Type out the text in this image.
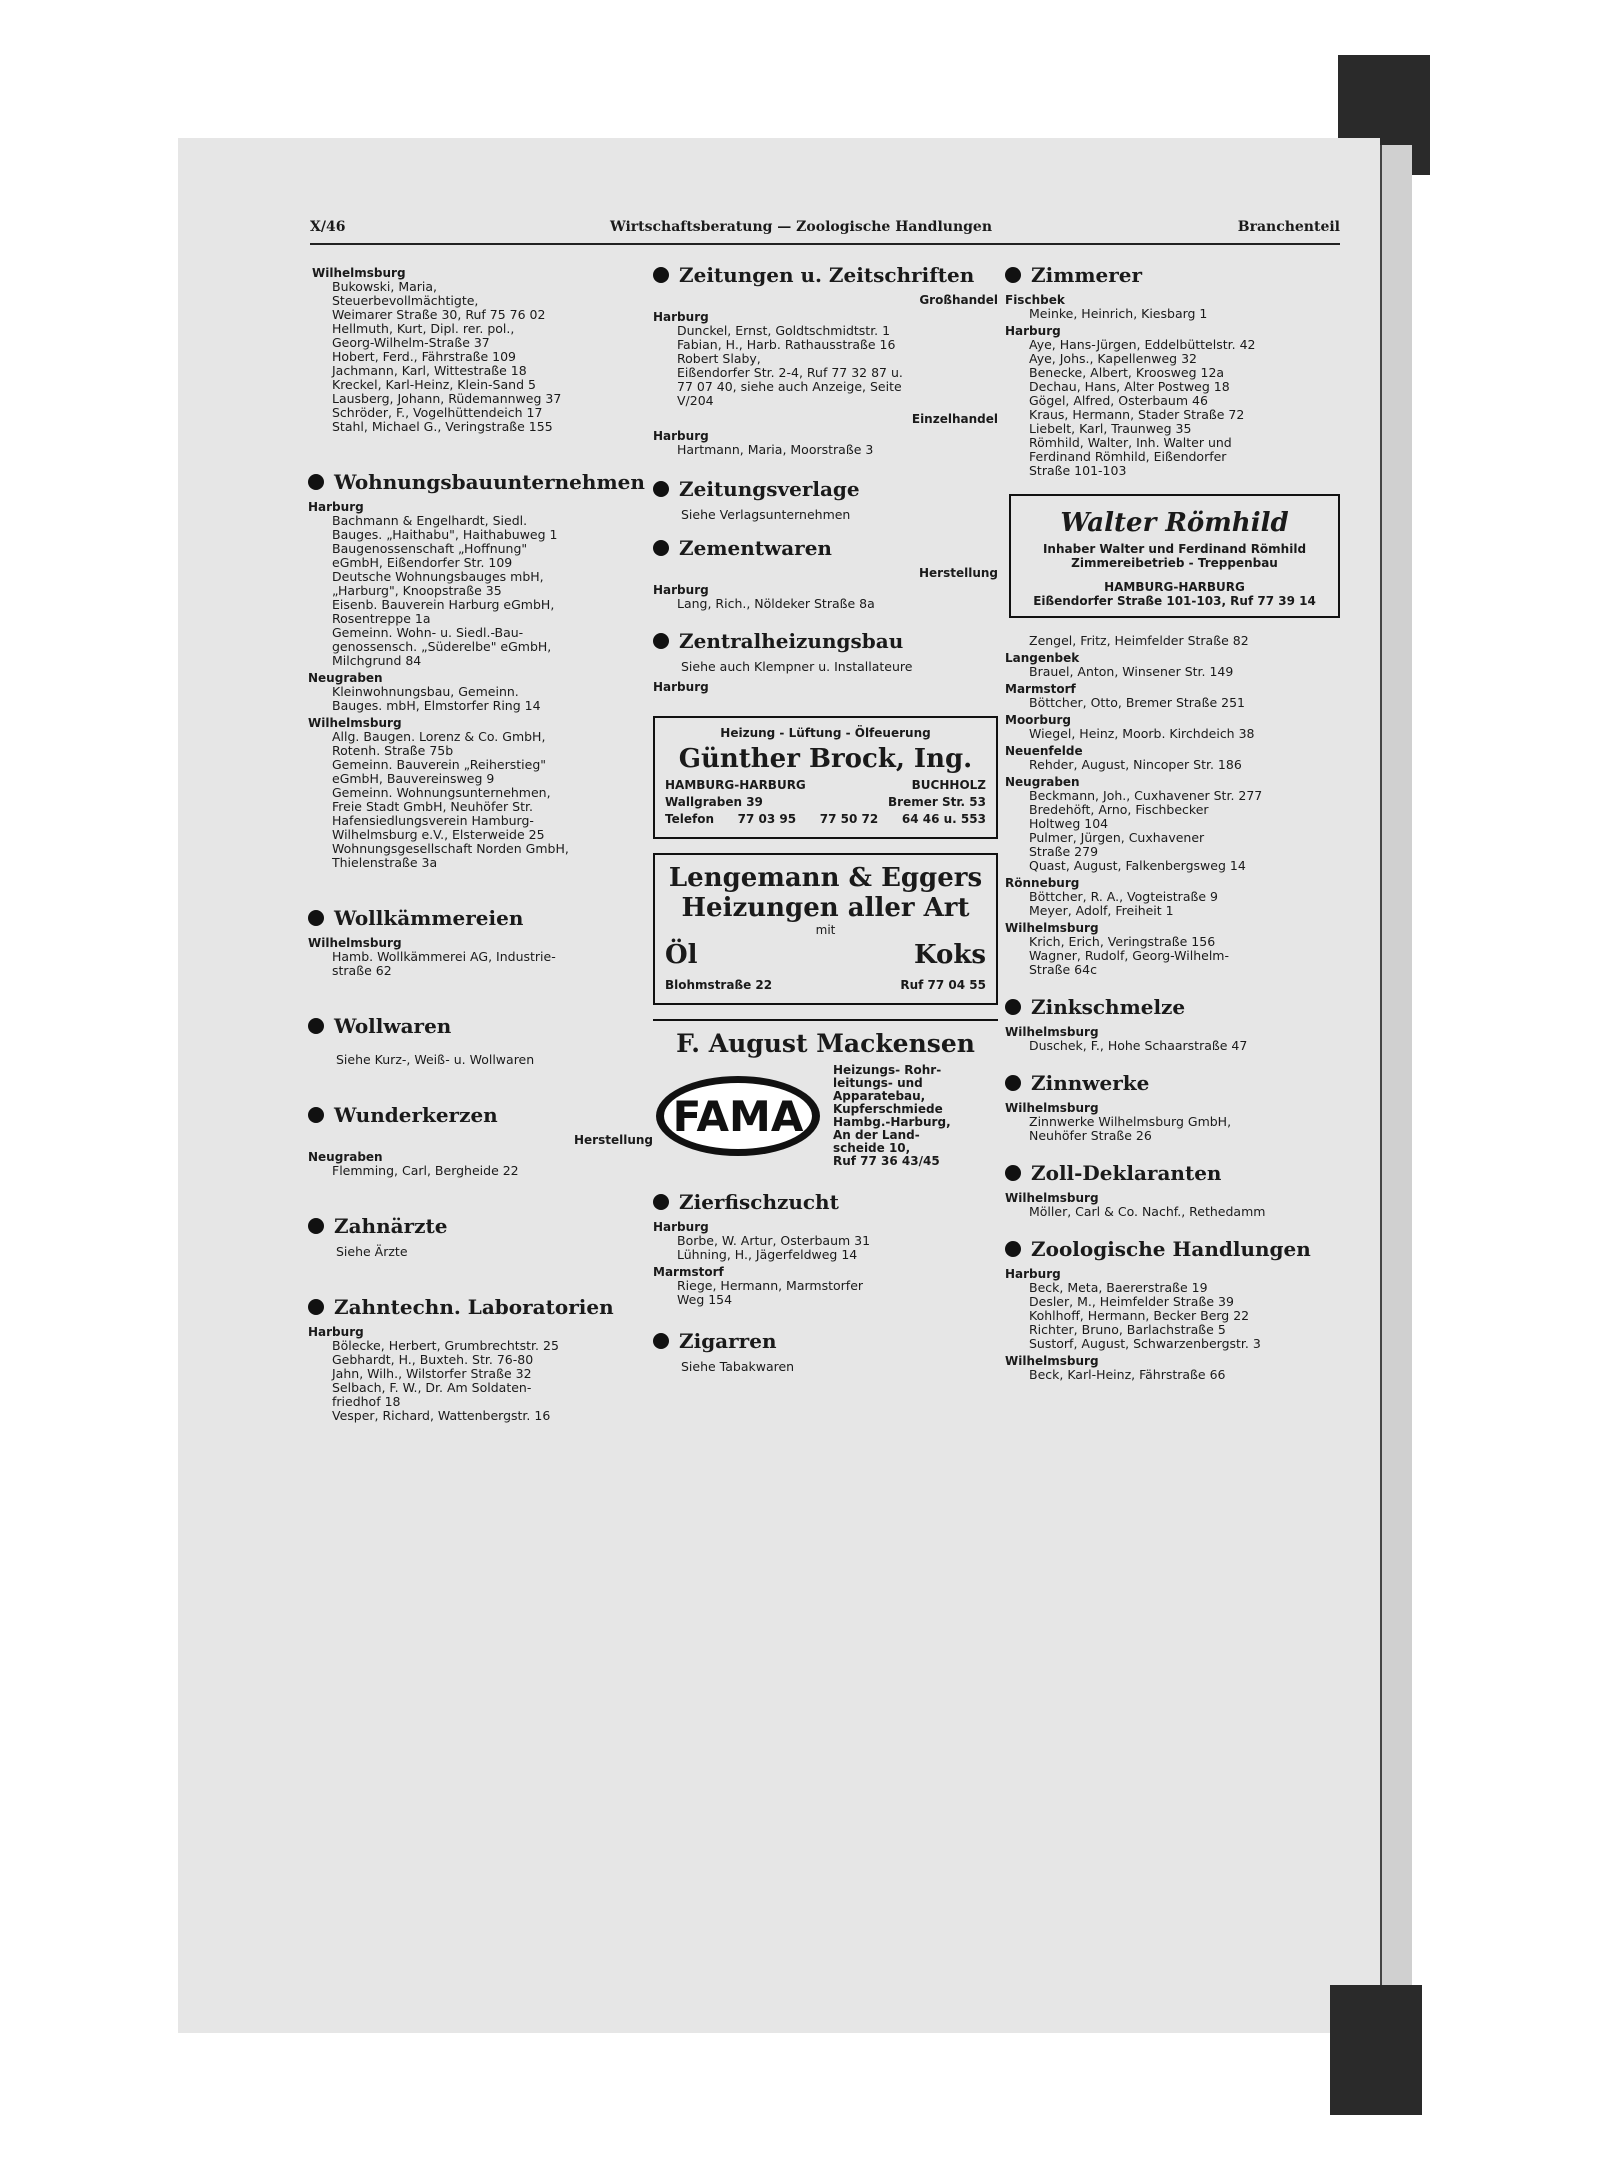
X/46	Wirtschaftsberatung — Zoologische Handlungen	Branchenteil
Wilhelmsburg
Bukowski, Maria,
Steuerbevollmächtigte,
Weimarer Straße 30, Ruf 75 76 02
Hellmuth, Kurt, Dipl. rer. pol.,
Georg-Wilhelm-Straße 37
Hobert, Ferd., Fährstraße 109
Jachmann, Karl, Wittestraße 18
Kreckel, Karl-Heinz, Klein-Sand 5
Lausberg, Johann, Rüdemannweg 37
Schröder, F., Vogelhüttendeich 17
Stahl, Michael G., Veringstraße 155
Wohnungsbauunternehmen
Harburg
Bachmann & Engelhardt, Siedl.
Bauges. „Haithabu", Haithabuweg 1
Baugenossenschaft „Hoffnung"
eGmbH, Eißendorfer Str. 109
Deutsche Wohnungsbauges mbH,
„Harburg", Knoopstraße 35
Eisenb. Bauverein Harburg eGmbH,
Rosentreppe 1a
Gemeinn. Wohn- u. Siedl.-Bau-
genossensch. „Süderelbe" eGmbH,
Milchgrund 84
Neugraben
Kleinwohnungsbau, Gemeinn.
Bauges. mbH, Elmstorfer Ring 14
Wilhelmsburg
Allg. Baugen. Lorenz & Co. GmbH,
Rotenh. Straße 75b
Gemeinn. Bauverein „Reiherstieg"
eGmbH, Bauvereinsweg 9
Gemeinn. Wohnungsunternehmen,
Freie Stadt GmbH, Neuhöfer Str.
Hafensiedlungsverein Hamburg-
Wilhelmsburg e.V., Elsterweide 25
Wohnungsgesellschaft Norden GmbH,
Thielenstraße 3a
Wollkämmereien
Wilhelmsburg
Hamb. Wollkämmerei AG, Industrie-
straße 62
Wollwaren
Siehe Kurz-, Weiß- u. Wollwaren
Wunderkerzen
Herstellung
Neugraben
Flemming, Carl, Bergheide 22
Zahnärzte
Siehe Ärzte
Zahntechn. Laboratorien
Harburg
Bölecke, Herbert, Grumbrechtstr. 25
Gebhardt, H., Buxteh. Str. 76-80
Jahn, Wilh., Wilstorfer Straße 32
Selbach, F. W., Dr. Am Soldaten-
friedhof 18
Vesper, Richard, Wattenbergstr. 16
Zeitungen u. Zeitschriften
Großhandel
Harburg
Dunckel, Ernst, Goldtschmidtstr. 1
Fabian, H., Harb. Rathausstraße 16
Robert Slaby,
Eißendorfer Str. 2-4, Ruf 77 32 87 u.
77 07 40, siehe auch Anzeige, Seite
V/204
Einzelhandel
Harburg
Hartmann, Maria, Moorstraße 3
Zeitungsverlage
Siehe Verlagsunternehmen
Zementwaren
Herstellung
Harburg
Lang, Rich., Nöldeker Straße 8a
Zentralheizungsbau
Siehe auch Klempner u. Installateure
Harburg
Heizung - Lüftung - Ölfeuerung
Günther Brock, Ing.
HAMBURG-HARBURG	BUCHHOLZ
Wallgraben 39	Bremer Str. 53
Telefon 77 03 95 77 50 72 64 46 u. 553
Lengemann & Eggers
Heizungen aller Art
mit
Öl	Koks
Blohmstraße 22	Ruf 77 04 55
F. August Mackensen
FAMA
Heizungs- Rohr-
leitungs- und
Apparatebau,
Kupferschmiede
Hambg.-Harburg,
An der Land-
scheide 10,
Ruf 77 36 43/45
Zierfischzucht
Harburg
Borbe, W. Artur, Osterbaum 31
Lühning, H., Jägerfeldweg 14
Marmstorf
Riege, Hermann, Marmstorfer
Weg 154
Zigarren
Siehe Tabakwaren
Zimmerer
Fischbek
Meinke, Heinrich, Kiesbarg 1
Harburg
Aye, Hans-Jürgen, Eddelbüttelstr. 42
Aye, Johs., Kapellenweg 32
Benecke, Albert, Kroosweg 12a
Dechau, Hans, Alter Postweg 18
Gögel, Alfred, Osterbaum 46
Kraus, Hermann, Stader Straße 72
Liebelt, Karl, Traunweg 35
Römhild, Walter, Inh. Walter und
Ferdinand Römhild, Eißendorfer
Straße 101-103
Walter Römhild
Inhaber Walter und Ferdinand Römhild
Zimmereibetrieb - Treppenbau
HAMBURG-HARBURG
Eißendorfer Straße 101-103, Ruf 77 39 14
Zengel, Fritz, Heimfelder Straße 82
Langenbek
Brauel, Anton, Winsener Str. 149
Marmstorf
Böttcher, Otto, Bremer Straße 251
Moorburg
Wiegel, Heinz, Moorb. Kirchdeich 38
Neuenfelde
Rehder, August, Nincoper Str. 186
Neugraben
Beckmann, Joh., Cuxhavener Str. 277
Bredehöft, Arno, Fischbecker
Holtweg 104
Pulmer, Jürgen, Cuxhavener
Straße 279
Quast, August, Falkenbergsweg 14
Rönneburg
Böttcher, R. A., Vogteistraße 9
Meyer, Adolf, Freiheit 1
Wilhelmsburg
Krich, Erich, Veringstraße 156
Wagner, Rudolf, Georg-Wilhelm-
Straße 64c
Zinkschmelze
Wilhelmsburg
Duschek, F., Hohe Schaarstraße 47
Zinnwerke
Wilhelmsburg
Zinnwerke Wilhelmsburg GmbH,
Neuhöfer Straße 26
Zoll-Deklaranten
Wilhelmsburg
Möller, Carl & Co. Nachf., Rethedamm
Zoologische Handlungen
Harburg
Beck, Meta, Baererstraße 19
Desler, M., Heimfelder Straße 39
Kohlhoff, Hermann, Becker Berg 22
Richter, Bruno, Barlachstraße 5
Sustorf, August, Schwarzenbergstr. 3
Wilhelmsburg
Beck, Karl-Heinz, Fährstraße 66
